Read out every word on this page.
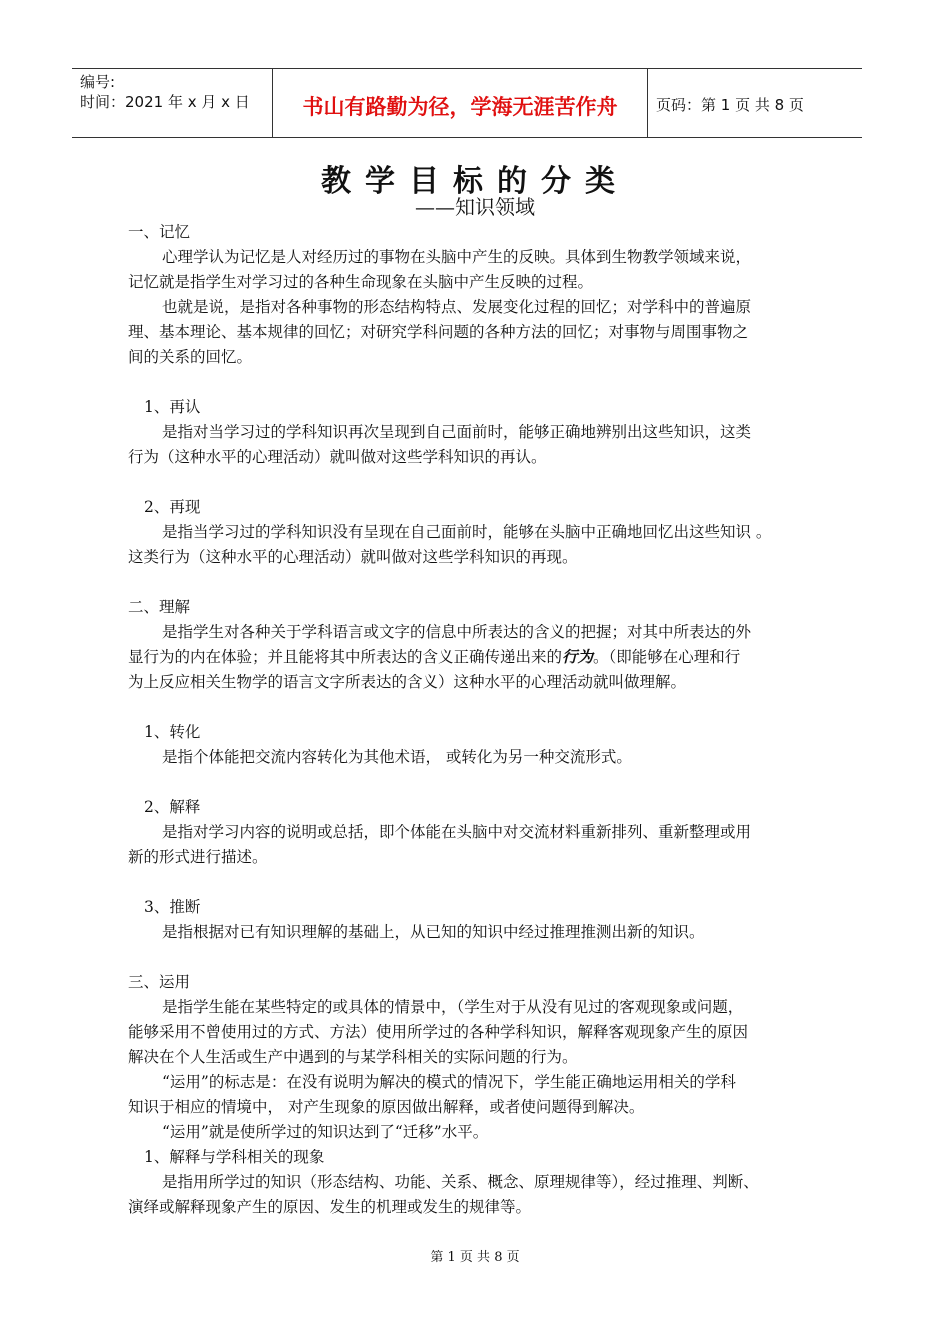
编号:
时间：2021 年 x 月 x 日	书山有路勤为径，学海无涯苦作舟	页码：第 1 页 共 8 页
教学目标的分类
——知识领域
一、记忆
心理学认为记忆是人对经历过的事物在头脑中产生的反映。具体到生物教学领域来说，
记忆就是指学生对学习过的各种生命现象在头脑中产生反映的过程。
也就是说，是指对各种事物的形态结构特点、发展变化过程的回忆；对学科中的普遍原
理、基本理论、基本规律的回忆；对研究学科问题的各种方法的回忆；对事物与周围事物之
间的关系的回忆。
1、再认
是指对当学习过的学科知识再次呈现到自己面前时，能够正确地辨别出这些知识，这类
行为（这种水平的心理活动）就叫做对这些学科知识的再认。
2、再现
是指当学习过的学科知识没有呈现在自己面前时，能够在头脑中正确地回忆出这些知识 。
这类行为（这种水平的心理活动）就叫做对这些学科知识的再现。
二、理解
是指学生对各种关于学科语言或文字的信息中所表达的含义的把握；对其中所表达的外
显行为的内在体验；并且能将其中所表达的含义正确传递出来的行为。（即能够在心理和行
为上反应相关生物学的语言文字所表达的含义）这种水平的心理活动就叫做理解。
1、转化
是指个体能把交流内容转化为其他术语， 或转化为另一种交流形式。
2、解释
是指对学习内容的说明或总括，即个体能在头脑中对交流材料重新排列、重新整理或用
新的形式进行描述。
3、推断
是指根据对已有知识理解的基础上，从已知的知识中经过推理推测出新的知识。
三、运用
是指学生能在某些特定的或具体的情景中，（学生对于从没有见过的客观现象或问题，
能够采用不曾使用过的方式、方法）使用所学过的各种学科知识，解释客观现象产生的原因
解决在个人生活或生产中遇到的与某学科相关的实际问题的行为。
“运用”的标志是：在没有说明为解决的模式的情况下，学生能正确地运用相关的学科
知识于相应的情境中， 对产生现象的原因做出解释，或者使问题得到解决。
“运用”就是使所学过的知识达到了“迁移”水平。
1、解释与学科相关的现象
是指用所学过的知识（形态结构、功能、关系、概念、原理规律等），经过推理、判断、
演绎或解释现象产生的原因、发生的机理或发生的规律等。
第 1 页 共 8 页
